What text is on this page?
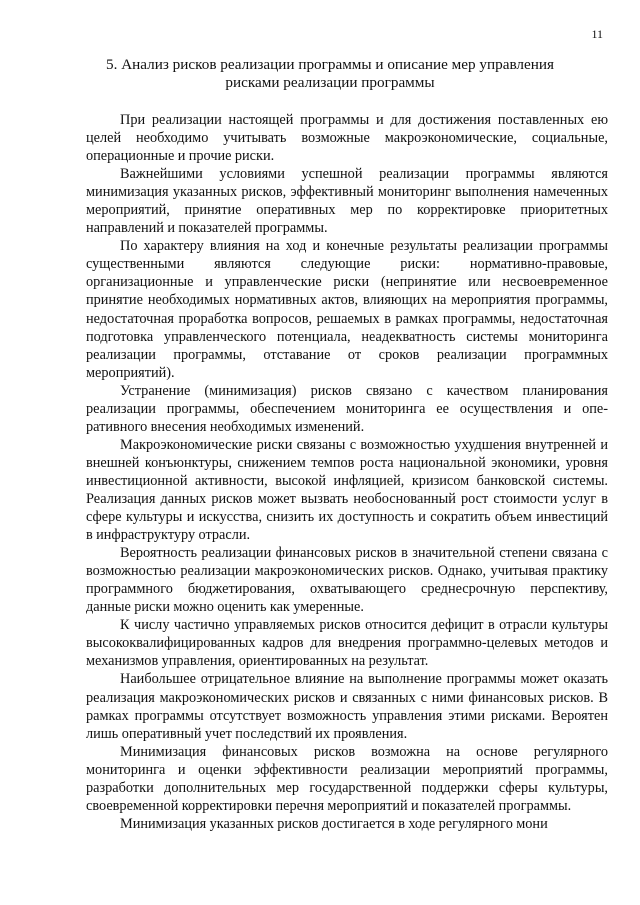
11
5. Анализ рисков реализации программы и описание мер управления рисками реализации программы

При реализации настоящей программы и для достижения поставленных ею целей необходимо учитывать возможные макроэкономические, социальные, операционные и прочие риски.

Важнейшими условиями успешной реализации программы являются минимизация указанных рисков, эффективный мониторинг выполнения намеченных мероприятий, принятие оперативных мер по корректировке приоритетных направлений и показателей программы.

По характеру влияния на ход и конечные результаты реализации программы существенными являются следующие риски: нормативно-правовые, организационные и управленческие риски (непринятие или несвоевременное принятие необходимых нормативных актов, влияющих на мероприятия программы, недостаточная проработка вопросов, решаемых в рамках программы, недостаточная подготовка управленческого потенциала, неадекватность системы мониторинга реализации программы, отставание от сроков реализации программных мероприятий).

Устранение (минимизация) рисков связано с качеством планирования реализации программы, обеспечением мониторинга ее осуществления и оперативного внесения необходимых изменений.

Макроэкономические риски связаны с возможностью ухудшения внутренней и внешней конъюнктуры, снижением темпов роста национальной экономики, уровня инвестиционной активности, высокой инфляцией, кризисом банковской системы. Реализация данных рисков может вызвать необоснованный рост стоимости услуг в сфере культуры и искусства, снизить их доступность и сократить объем инвестиций в инфраструктуру отрасли.

Вероятность реализации финансовых рисков в значительной степени связана с возможностью реализации макроэкономических рисков. Однако, учитывая практику программного бюджетирования, охватывающего среднесрочную перспективу, данные риски можно оценить как умеренные.

К числу частично управляемых рисков относится дефицит в отрасли культуры высококвалифицированных кадров для внедрения программно-целевых методов и механизмов управления, ориентированных на результат.

Наибольшее отрицательное влияние на выполнение программы может оказать реализация макроэкономических рисков и связанных с ними финансовых рисков. В рамках программы отсутствует возможность управления этими рисками. Вероятен лишь оперативный учет последствий их проявления.

Минимизация финансовых рисков возможна на основе регулярного мониторинга и оценки эффективности реализации мероприятий программы, разработки дополнительных мер государственной поддержки сферы культуры, своевременной корректировки перечня мероприятий и показателей программы.

Минимизация указанных рисков достигается в ходе регулярного мони
